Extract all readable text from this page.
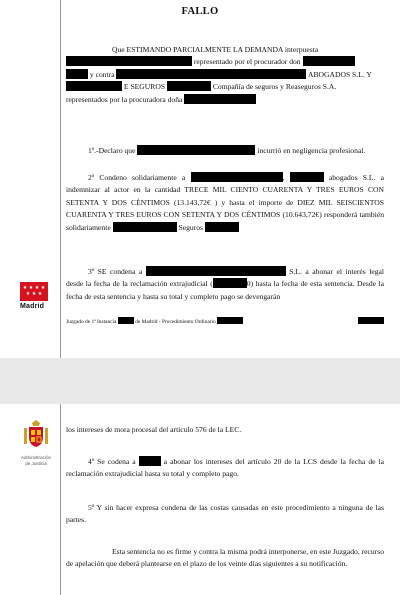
FALLO
Que ESTIMANDO PARCIALMENTE LA DEMANDA interpuesta
representado por el procurador don
y contra	ABOGADOS S.L. Y
E SEGUROS	Compañía de seguros y Reaseguros S.A.
representados por la procuradora doña
1º.-Declaro que	incurrió en negligencia profesional.
2º Condeno solidariamente a	,	abogados S.L. a indemnizar al actor en la cantidad TRECE MIL CIENTO CUARENTA Y TRES EUROS CON SETENTA Y DOS CÉNTIMOS (13.143,72€ ) y hasta el importe de DIEZ MIL SEISCIENTOS CUARENTA Y TRES EUROS CON SETENTA Y DOS CÉNTIMOS (10.643,72€) responderá también solidariamente	Seguros
3º SE condena a	S.L. a abonar el interés legal desde la fecha de la reclamación extrajudicial (	0) hasta la fecha de esta sentencia. Desde la fecha de esta sentencia y hasta su total y completo pago se devengarán
Juzgado de 1ª Instancia	de Madrid - Procedimiento Ordinario
★ ★ ★ ★
★ ★ ★
Madrid
Administración
de Justicia
los intereses de mora procesal del artículo 576 de la LEC.
4º Se codena a	a abonar los intereses del artículo 20 de la LCS desde la fecha de la reclamación extrajudicial hasta su total y completo pago.
5º Y sin hacer expresa condena de las costas causadas en este procedimiento a ninguna de las partes.
Esta sentencia no es firme y contra la misma podrá interponerse, en este Juzgado, recurso de apelación que deberá plantearse en el plazo de los veinte días siguientes a su notificación.
